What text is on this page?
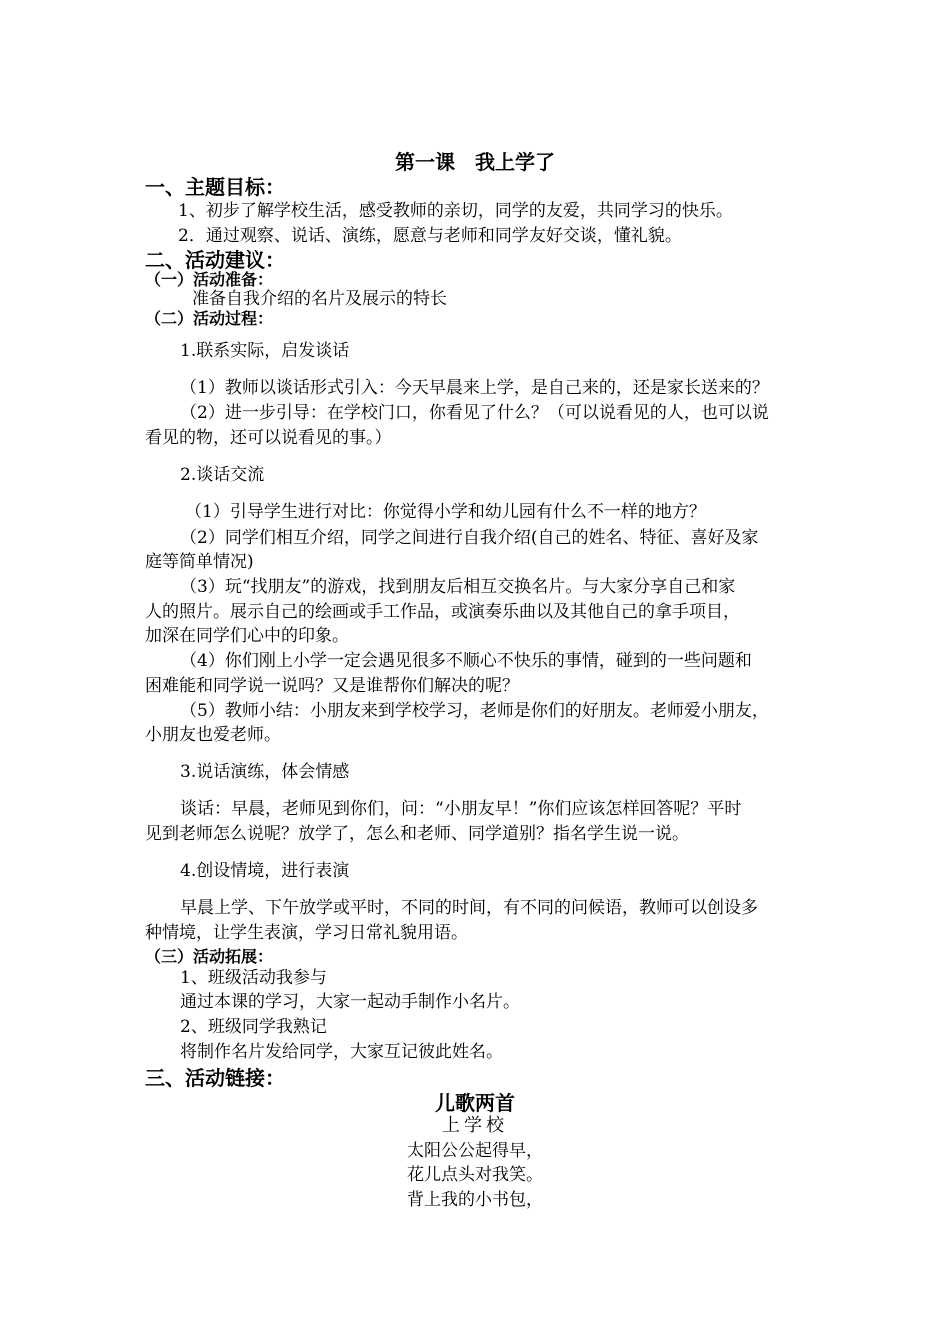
第一课　我上学了
一、主题目标：
1、初步了解学校生活，感受教师的亲切，同学的友爱，共同学习的快乐。
2．通过观察、说话、演练，愿意与老师和同学友好交谈，懂礼貌。
二、活动建议：
（一）活动准备：
准备自我介绍的名片及展示的特长
（二）活动过程：
1.联系实际，启发谈话
（1）教师以谈话形式引入：今天早晨来上学，是自己来的，还是家长送来的？
（2）进一步引导：在学校门口，你看见了什么？（可以说看见的人，也可以说
看见的物，还可以说看见的事。）
2.谈话交流
（1）引导学生进行对比：你觉得小学和幼儿园有什么不一样的地方？
（2）同学们相互介绍，同学之间进行自我介绍(自己的姓名、特征、喜好及家
庭等简单情况)
（3）玩“找朋友”的游戏，找到朋友后相互交换名片。与大家分享自己和家
人的照片。展示自己的绘画或手工作品，或演奏乐曲以及其他自己的拿手项目，
加深在同学们心中的印象。
（4）你们刚上小学一定会遇见很多不顺心不快乐的事情，碰到的一些问题和
困难能和同学说一说吗？又是谁帮你们解决的呢？
（5）教师小结：小朋友来到学校学习，老师是你们的好朋友。老师爱小朋友，
小朋友也爱老师。
3.说话演练，体会情感
谈话：早晨，老师见到你们，问：“小朋友早！”你们应该怎样回答呢？平时
见到老师怎么说呢？放学了，怎么和老师、同学道别？指名学生说一说。
4.创设情境，进行表演
早晨上学、下午放学或平时，不同的时间，有不同的问候语，教师可以创设多
种情境，让学生表演，学习日常礼貌用语。
（三）活动拓展：
1、班级活动我参与
通过本课的学习，大家一起动手制作小名片。
2、班级同学我熟记
将制作名片发给同学，大家互记彼此姓名。
三、活动链接：
儿歌两首
上学校
太阳公公起得早，
花儿点头对我笑。
背上我的小书包，
